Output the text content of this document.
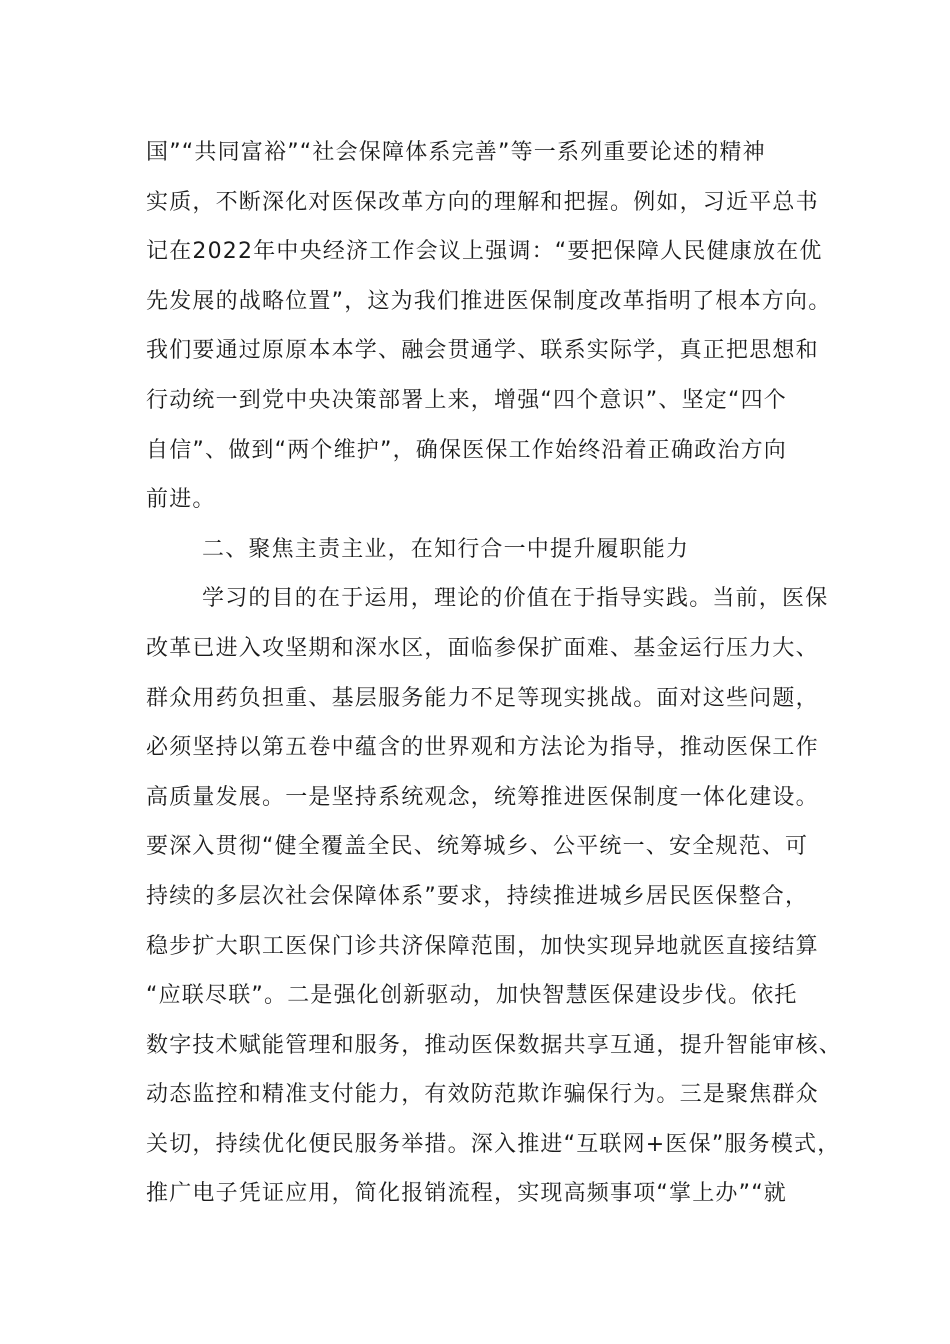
国”“共同富裕”“社会保障体系完善”等一系列重要论述的精神
实质，不断深化对医保改革方向的理解和把握。例如，习近平总书
记在2022年中央经济工作会议上强调：“要把保障人民健康放在优
先发展的战略位置”，这为我们推进医保制度改革指明了根本方向。
我们要通过原原本本学、融会贯通学、联系实际学，真正把思想和
行动统一到党中央决策部署上来，增强“四个意识”、坚定“四个
自信”、做到“两个维护”，确保医保工作始终沿着正确政治方向
前进。
二、聚焦主责主业，在知行合一中提升履职能力
学习的目的在于运用，理论的价值在于指导实践。当前，医保
改革已进入攻坚期和深水区，面临参保扩面难、基金运行压力大、
群众用药负担重、基层服务能力不足等现实挑战。面对这些问题，
必须坚持以第五卷中蕴含的世界观和方法论为指导，推动医保工作
高质量发展。一是坚持系统观念，统筹推进医保制度一体化建设。
要深入贯彻“健全覆盖全民、统筹城乡、公平统一、安全规范、可
持续的多层次社会保障体系”要求，持续推进城乡居民医保整合，
稳步扩大职工医保门诊共济保障范围，加快实现异地就医直接结算
“应联尽联”。二是强化创新驱动，加快智慧医保建设步伐。依托
数字技术赋能管理和服务，推动医保数据共享互通，提升智能审核、
动态监控和精准支付能力，有效防范欺诈骗保行为。三是聚焦群众
关切，持续优化便民服务举措。深入推进“互联网+医保”服务模式，
推广电子凭证应用，简化报销流程，实现高频事项“掌上办”“就
